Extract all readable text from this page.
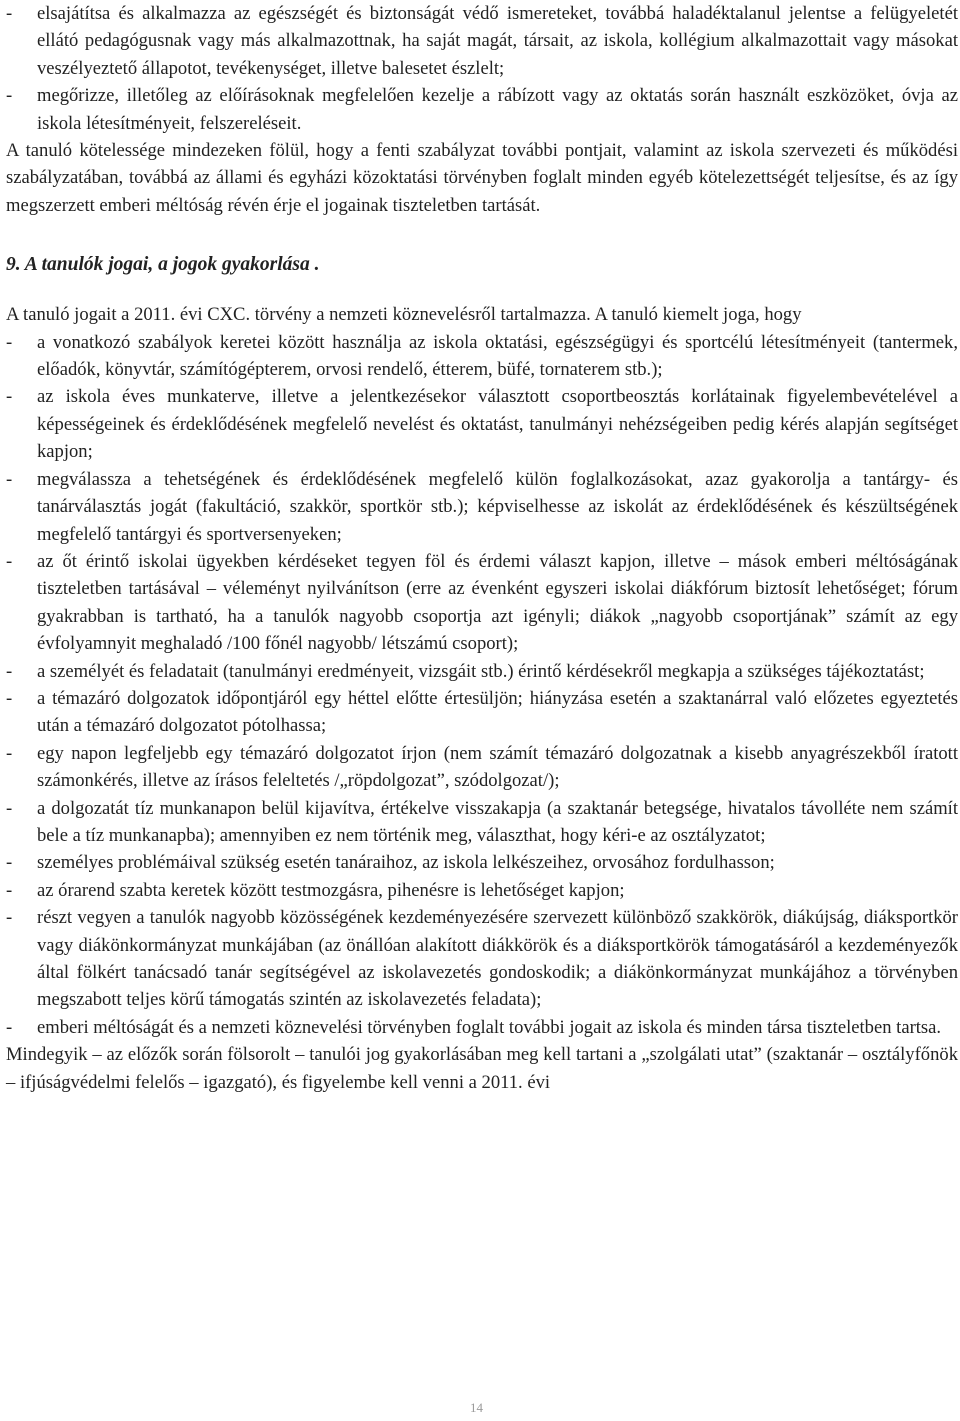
- elsajátítsa és alkalmazza az egészségét és biztonságát védő ismereteket, továbbá haladéktalanul jelentse a felügyeletét ellátó pedagógusnak vagy más alkalmazottnak, ha saját magát, társait, az iskola, kollégium alkalmazottait vagy másokat veszélyeztető állapotot, tevékenységet, illetve balesetet észlelt;
- megőrizze, illetőleg az előírásoknak megfelelően kezelje a rábízott vagy az oktatás során használt eszközöket, óvja az iskola létesítményeit, felszereléseit.

A tanuló kötelessége mindezeken fölül, hogy a fenti szabályzat további pontjait, valamint az iskola szervezeti és működési szabályzatában, továbbá az állami és egyházi közoktatási törvényben foglalt minden egyéb kötelezettségét teljesítse, és az így megszerzett emberi méltóság révén érje el jogainak tiszteletben tartását.

9. A tanulók jogai, a jogok gyakorlása .

A tanuló jogait a 2011. évi CXC. törvény a nemzeti köznevelésről tartalmazza. A tanuló kiemelt joga, hogy

- a vonatkozó szabályok keretei között használja az iskola oktatási, egészségügyi és sportcélú létesítményeit (tantermek, előadók, könyvtár, számítógépterem, orvosi rendelő, étterem, büfé, tornaterem stb.);
- az iskola éves munkaterve, illetve a jelentkezésekor választott csoportbeosztás korlátainak figyelembevételével a képességeinek és érdeklődésének megfelelő nevelést és oktatást, tanulmányi nehézségeiben pedig kérés alapján segítséget kapjon;
- megválassza a tehetségének és érdeklődésének megfelelő külön foglalkozásokat, azaz gyakorolja a tantárgy- és tanárválasztás jogát (fakultáció, szakkör, sportkör stb.); képviselhesse az iskolát az érdeklődésének és készültségének megfelelő tantárgyi és sportversenyeken;
- az őt érintő iskolai ügyekben kérdéseket tegyen föl és érdemi választ kapjon, illetve – mások emberi méltóságának tiszteletben tartásával – véleményt nyilvánítson (erre az évenként egyszeri iskolai diákfórum biztosít lehetőséget; fórum gyakrabban is tartható, ha a tanulók nagyobb csoportja azt igényli; diákok „nagyobb csoportjának” számít az egy évfolyamnyit meghaladó /100 főnél nagyobb/ létszámú csoport);
- a személyét és feladatait (tanulmányi eredményeit, vizsgáit stb.) érintő kérdésekről megkapja a szükséges tájékoztatást;
- a témazáró dolgozatok időpontjáról egy héttel előtte értesüljön; hiányzása esetén a szaktanárral való előzetes egyeztetés után a témazáró dolgozatot pótolhassa;
- egy napon legfeljebb egy témazáró dolgozatot írjon (nem számít témazáró dolgozatnak a kisebb anyagrészekből íratott számonkérés, illetve az írásos feleltetés /„röpdolgozat”, szódolgozat/);
- a dolgozatát tíz munkanapon belül kijavítva, értékelve visszakapja (a szaktanár betegsége, hivatalos távolléte nem számít bele a tíz munkanapba); amennyiben ez nem történik meg, választhat, hogy kéri-e az osztályzatot;
- személyes problémáival szükség esetén tanáraihoz, az iskola lelkészeihez, orvosához fordulhasson;
- az órarend szabta keretek között testmozgásra, pihenésre is lehetőséget kapjon;
- részt vegyen a tanulók nagyobb közösségének kezdeményezésére szervezett különböző szakkörök, diákújság, diáksportkör vagy diákönkormányzat munkájában (az önállóan alakított diákkörök és a diáksportkörök támogatásáról a kezdeményezők által fölkért tanácsadó tanár segítségével az iskolavezetés gondoskodik; a diákönkormányzat munkájához a törvényben megszabott teljes körű támogatás szintén az iskolavezetés feladata);
- emberi méltóságát és a nemzeti köznevelési törvényben foglalt további jogait az iskola és minden társa tiszteletben tartsa.

Mindegyik – az előzők során fölsorolt – tanulói jog gyakorlásában meg kell tartani a „szolgálati utat” (szaktanár – osztályfőnök – ifjúságvédelmi felelős – igazgató), és figyelembe kell venni a 2011. évi

14
